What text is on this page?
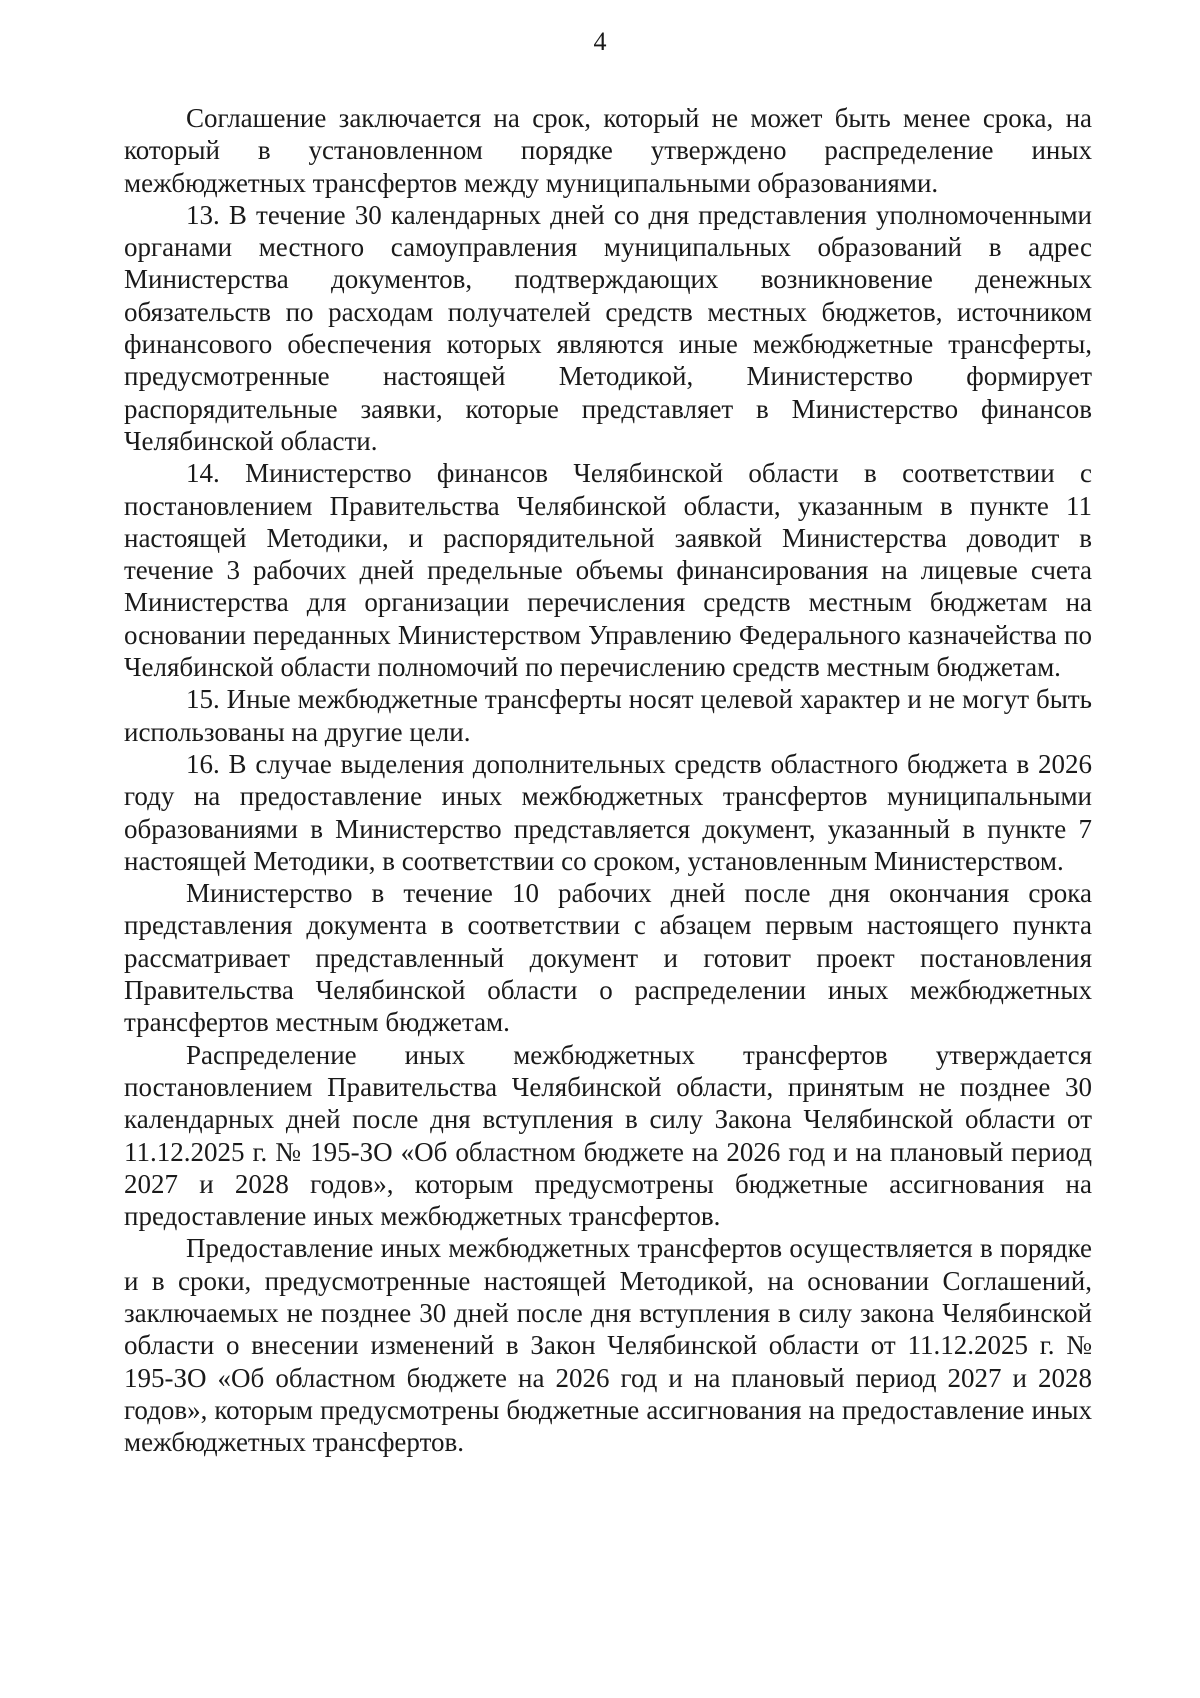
4

Соглашение заключается на срок, который не может быть менее срока, на который в установленном порядке утверждено распределение иных межбюджетных трансфертов между муниципальными образованиями.

13. В течение 30 календарных дней со дня представления уполномоченными органами местного самоуправления муниципальных образований в адрес Министерства документов, подтверждающих возникновение денежных обязательств по расходам получателей средств местных бюджетов, источником финансового обеспечения которых являются иные межбюджетные трансферты, предусмотренные настоящей Методикой, Министерство формирует распорядительные заявки, которые представляет в Министерство финансов Челябинской области.

14. Министерство финансов Челябинской области в соответствии с постановлением Правительства Челябинской области, указанным в пункте 11 настоящей Методики, и распорядительной заявкой Министерства доводит в течение 3 рабочих дней предельные объемы финансирования на лицевые счета Министерства для организации перечисления средств местным бюджетам на основании переданных Министерством Управлению Федерального казначейства по Челябинской области полномочий по перечислению средств местным бюджетам.

15. Иные межбюджетные трансферты носят целевой характер и не могут быть использованы на другие цели.

16. В случае выделения дополнительных средств областного бюджета в 2026 году на предоставление иных межбюджетных трансфертов муниципальными образованиями в Министерство представляется документ, указанный в пункте 7 настоящей Методики, в соответствии со сроком, установленным Министерством.

Министерство в течение 10 рабочих дней после дня окончания срока представления документа в соответствии с абзацем первым настоящего пункта рассматривает представленный документ и готовит проект постановления Правительства Челябинской области о распределении иных межбюджетных трансфертов местным бюджетам.

Распределение иных межбюджетных трансфертов утверждается постановлением Правительства Челябинской области, принятым не позднее 30 календарных дней после дня вступления в силу Закона Челябинской области от 11.12.2025 г. № 195-ЗО «Об областном бюджете на 2026 год и на плановый период 2027 и 2028 годов», которым предусмотрены бюджетные ассигнования на предоставление иных межбюджетных трансфертов.

Предоставление иных межбюджетных трансфертов осуществляется в порядке и в сроки, предусмотренные настоящей Методикой, на основании Соглашений, заключаемых не позднее 30 дней после дня вступления в силу закона Челябинской области о внесении изменений в Закон Челябинской области от 11.12.2025 г. № 195-ЗО «Об областном бюджете на 2026 год и на плановый период 2027 и 2028 годов», которым предусмотрены бюджетные ассигнования на предоставление иных межбюджетных трансфертов.
